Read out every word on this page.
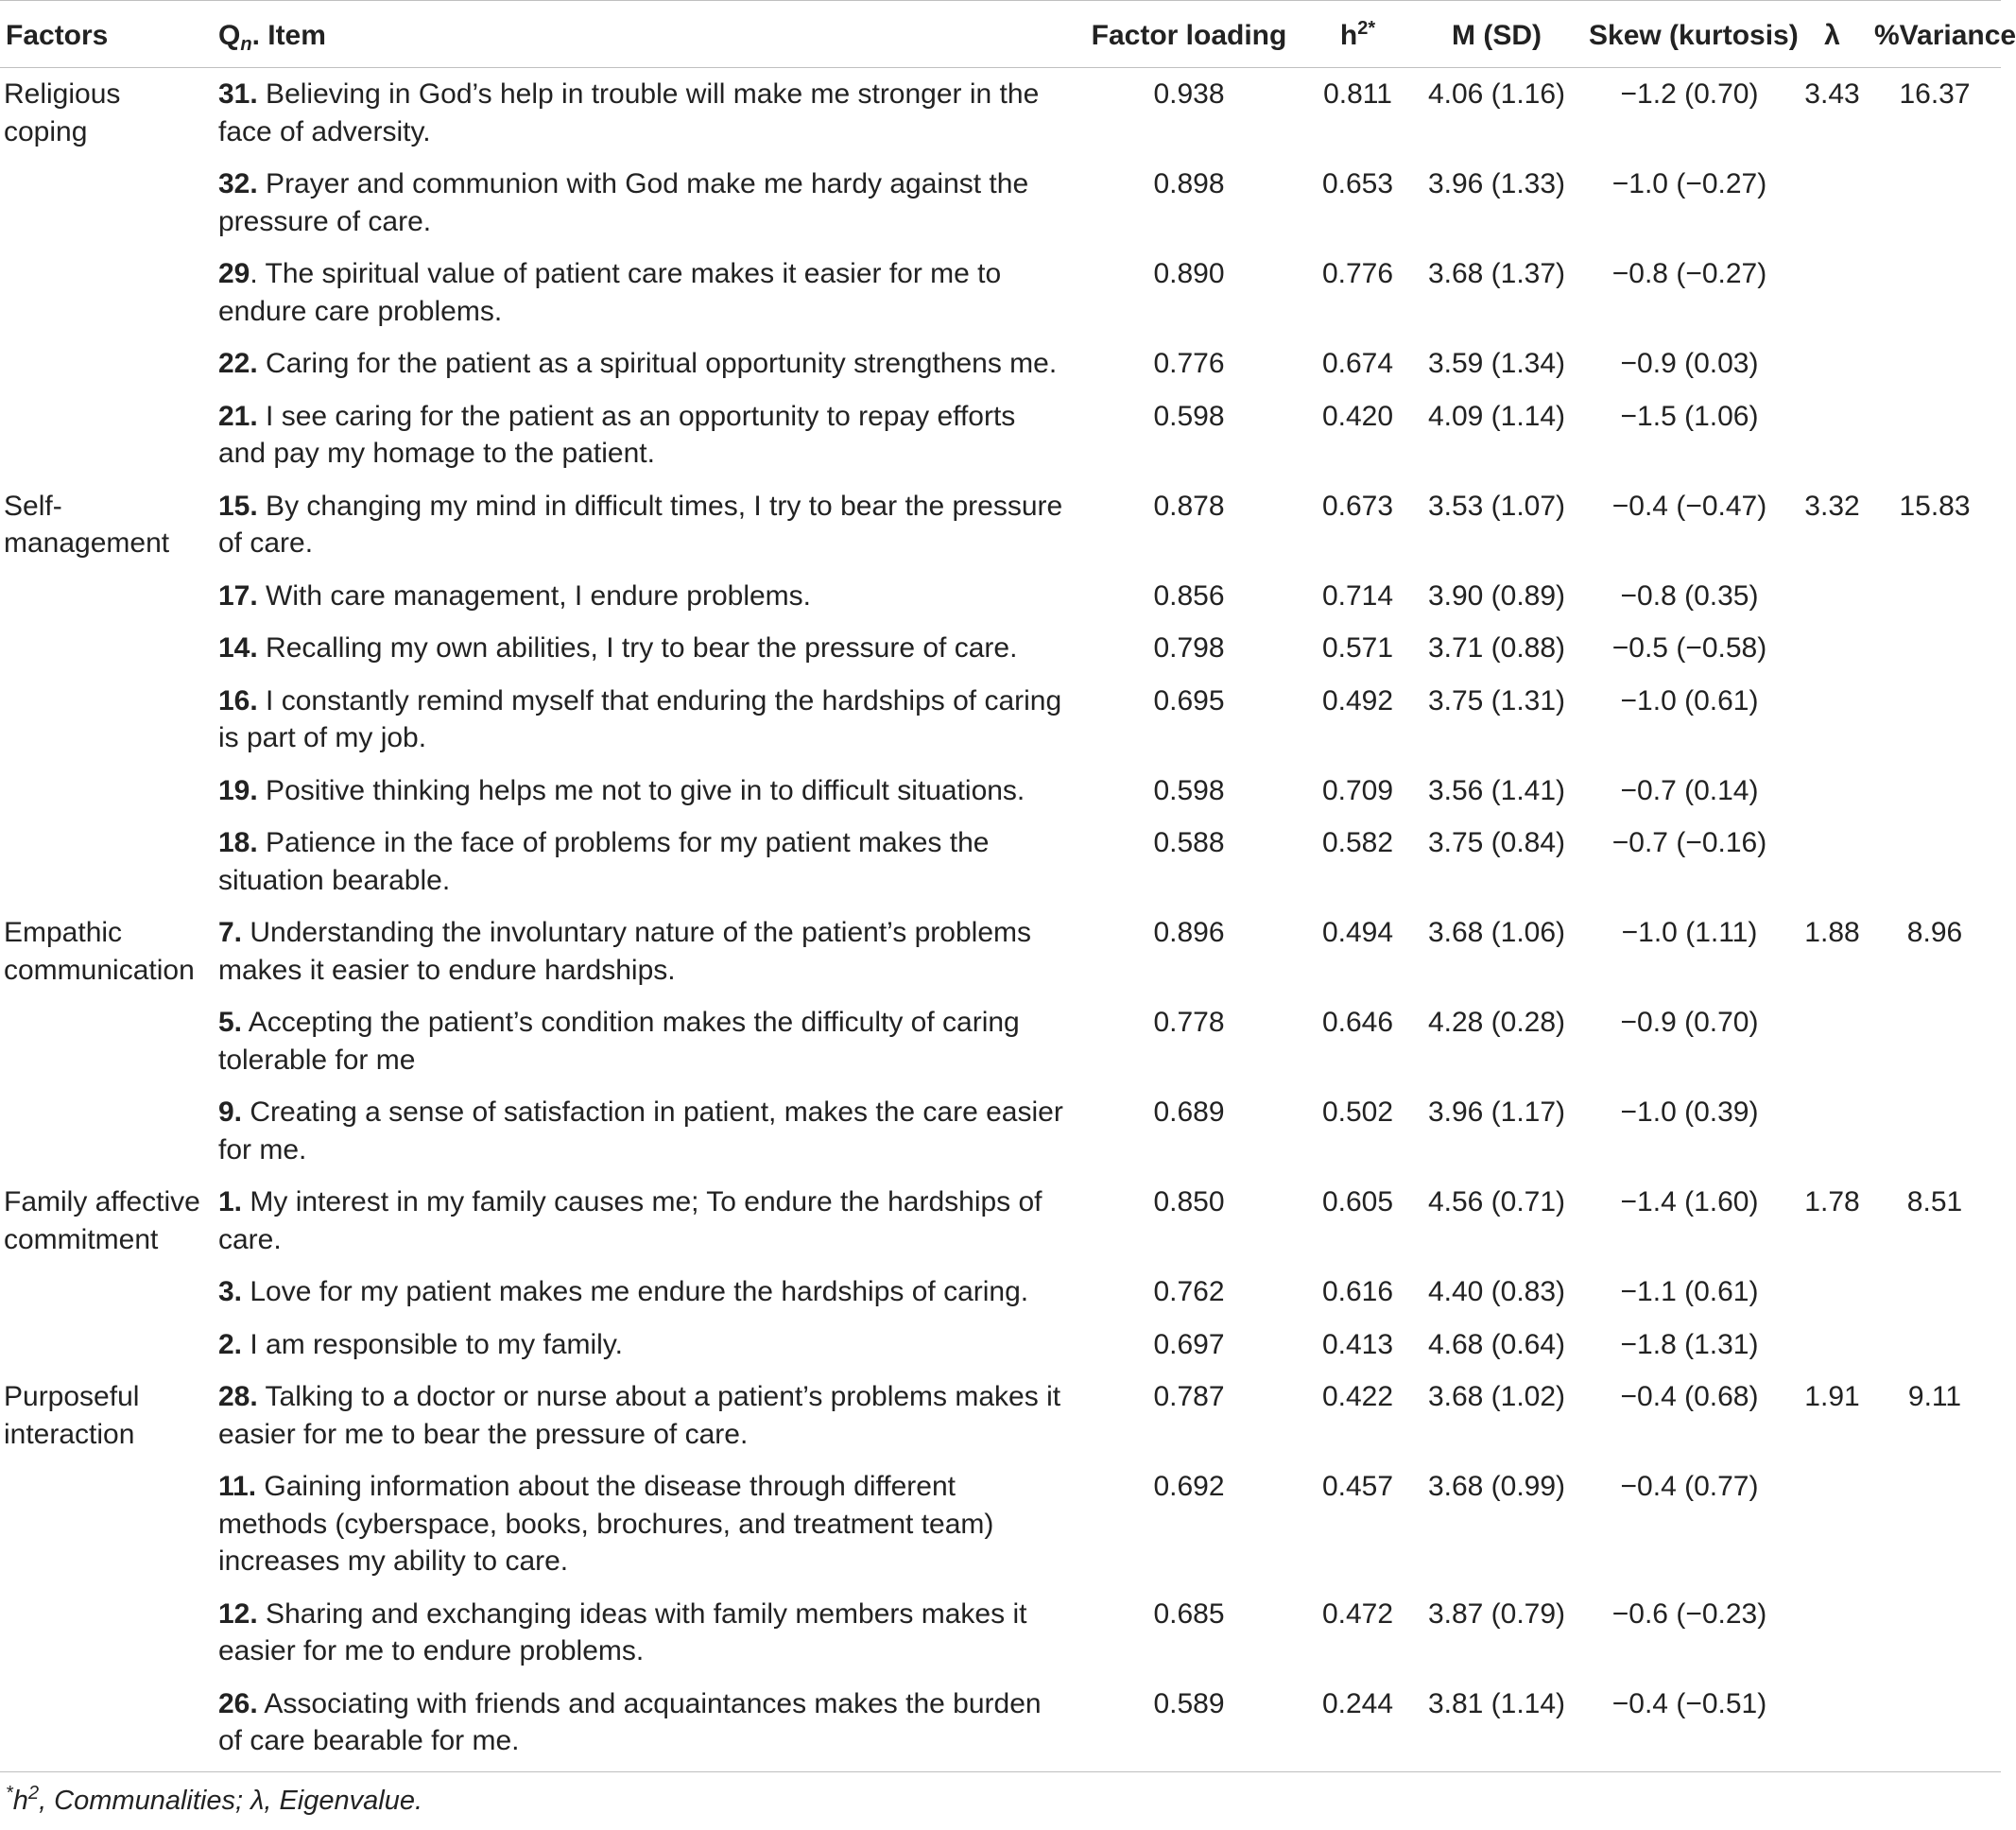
Factors	$Q_n$. Item	Factor loading	$h^{2*}$	M (SD)	Skew (kurtosis)	λ	%Variance
Religious coping	31. Believing in God’s help in trouble will make me stronger in the face of adversity.	0.938	0.811	4.06 (1.16)	−1.2 (0.70)	3.43	16.37
	32. Prayer and communion with God make me hardy against the pressure of care.	0.898	0.653	3.96 (1.33)	−1.0 (−0.27)		
	29. The spiritual value of patient care makes it easier for me to endure care problems.	0.890	0.776	3.68 (1.37)	−0.8 (−0.27)		
	22. Caring for the patient as a spiritual opportunity strengthens me.	0.776	0.674	3.59 (1.34)	−0.9 (0.03)		
	21. I see caring for the patient as an opportunity to repay efforts and pay my homage to the patient.	0.598	0.420	4.09 (1.14)	−1.5 (1.06)		
Self-management	15. By changing my mind in difficult times, I try to bear the pressure of care.	0.878	0.673	3.53 (1.07)	−0.4 (−0.47)	3.32	15.83
	17. With care management, I endure problems.	0.856	0.714	3.90 (0.89)	−0.8 (0.35)		
	14. Recalling my own abilities, I try to bear the pressure of care.	0.798	0.571	3.71 (0.88)	−0.5 (−0.58)		
	16. I constantly remind myself that enduring the hardships of caring is part of my job.	0.695	0.492	3.75 (1.31)	−1.0 (0.61)		
	19. Positive thinking helps me not to give in to difficult situations.	0.598	0.709	3.56 (1.41)	−0.7 (0.14)		
	18. Patience in the face of problems for my patient makes the situation bearable.	0.588	0.582	3.75 (0.84)	−0.7 (−0.16)		
Empathic communication	7. Understanding the involuntary nature of the patient’s problems makes it easier to endure hardships.	0.896	0.494	3.68 (1.06)	−1.0 (1.11)	1.88	8.96
	5. Accepting the patient’s condition makes the difficulty of caring tolerable for me	0.778	0.646	4.28 (0.28)	−0.9 (0.70)		
	9. Creating a sense of satisfaction in patient, makes the care easier for me.	0.689	0.502	3.96 (1.17)	−1.0 (0.39)		
Family affective commitment	1. My interest in my family causes me; To endure the hardships of care.	0.850	0.605	4.56 (0.71)	−1.4 (1.60)	1.78	8.51
	3. Love for my patient makes me endure the hardships of caring.	0.762	0.616	4.40 (0.83)	−1.1 (0.61)		
	2. I am responsible to my family.	0.697	0.413	4.68 (0.64)	−1.8 (1.31)		
Purposeful interaction	28. Talking to a doctor or nurse about a patient’s problems makes it easier for me to bear the pressure of care.	0.787	0.422	3.68 (1.02)	−0.4 (0.68)	1.91	9.11
	11. Gaining information about the disease through different methods (cyberspace, books, brochures, and treatment team) increases my ability to care.	0.692	0.457	3.68 (0.99)	−0.4 (0.77)		
	12. Sharing and exchanging ideas with family members makes it easier for me to endure problems.	0.685	0.472	3.87 (0.79)	−0.6 (−0.23)		
	26. Associating with friends and acquaintances makes the burden of care bearable for me.	0.589	0.244	3.81 (1.14)	−0.4 (−0.51)		
$^*h^2$, Communalities; λ, Eigenvalue.
